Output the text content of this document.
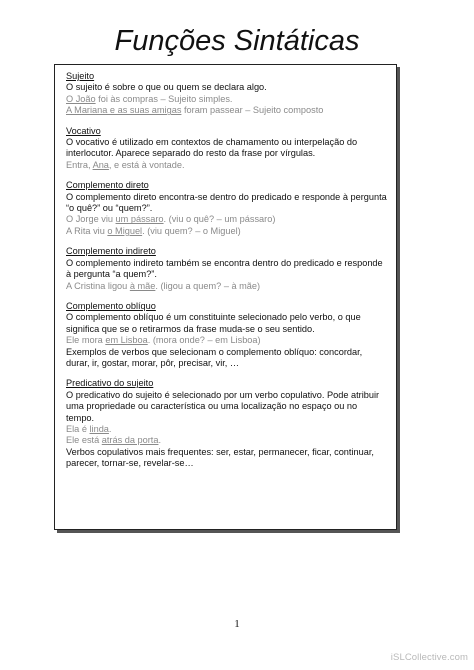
Funções Sintáticas
Sujeito
O sujeito é sobre o que ou quem se declara algo.
O João foi às compras – Sujeito simples.
A Mariana e as suas amigas foram passear – Sujeito composto
Vocativo
O vocativo é utilizado em contextos de chamamento ou interpelação do interlocutor. Aparece separado do resto da frase por vírgulas.
Entra, Ana, e está à vontade.
Complemento direto
O complemento direto encontra-se dentro do predicado e responde à pergunta “o quê?” ou “quem?”.
O Jorge viu um pássaro. (viu o quê? – um pássaro)
A Rita viu o Miguel. (viu quem? – o Miguel)
Complemento indireto
O complemento indireto também se encontra dentro do predicado e responde à pergunta “a quem?”.
A Cristina ligou à mãe. (ligou a quem? – à mãe)
Complemento oblíquo
O complemento oblíquo é um constituinte selecionado pelo verbo, o que significa que se o retirarmos da frase muda-se o seu sentido.
Ele mora em Lisboa. (mora onde? – em Lisboa)
Exemplos de verbos que selecionam o complemento oblíquo: concordar, durar, ir, gostar, morar, pôr, precisar, vir, …
Predicativo do sujeito
O predicativo do sujeito é selecionado por um verbo copulativo. Pode atribuir uma propriedade ou característica ou uma localização no espaço ou no tempo.
Ela é linda.
Ele está atrás da porta.
Verbos copulativos mais frequentes: ser, estar, permanecer, ficar, continuar, parecer, tornar-se, revelar-se…
1
iSLCollective.com
